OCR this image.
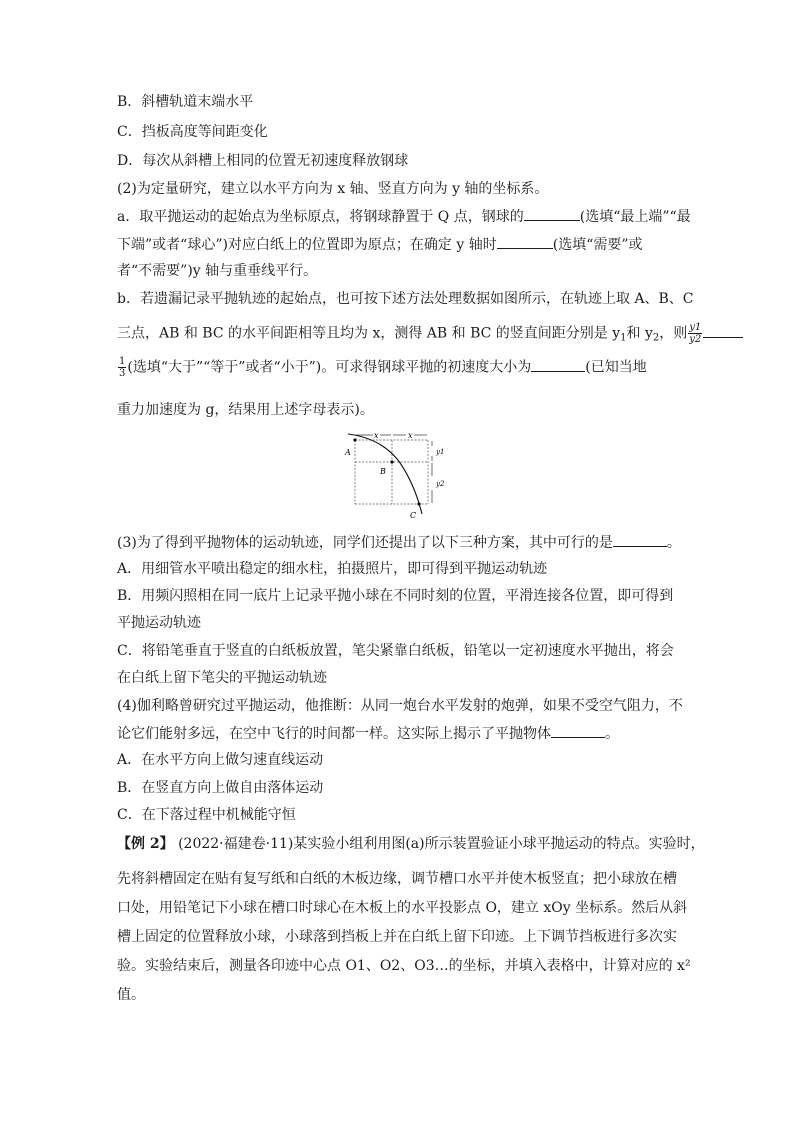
B．斜槽轨道末端水平
C．挡板高度等间距变化
D．每次从斜槽上相同的位置无初速度释放钢球
(2)为定量研究，建立以水平方向为 x 轴、竖直方向为 y 轴的坐标系。
a．取平抛运动的起始点为坐标原点，将钢球静置于 Q 点，钢球的	(选填“最上端”“最
下端”或者“球心”)对应白纸上的位置即为原点；在确定 y 轴时	(选填“需要”或
者“不需要”)y 轴与重垂线平行。
b．若遗漏记录平抛轨迹的起始点，也可按下述方法处理数据如图所示，在轨迹上取 A、B、C
三点，AB 和 BC 的水平间距相等且均为 x，测得 AB 和 BC 的竖直间距分别是 $y_1$和 $y_2$，则 $\frac{y1}{y2}$
$\frac{1}{3}$ (选填“大于”“等于”或者“小于”)。可求得钢球平抛的初速度大小为	(已知当地
重力加速度为 g，结果用上述字母表示)。
x	x
y1
y2
A
B
C
(3)为了得到平抛物体的运动轨迹，同学们还提出了以下三种方案，其中可行的是	。
A．用细管水平喷出稳定的细水柱，拍摄照片，即可得到平抛运动轨迹
B．用频闪照相在同一底片上记录平抛小球在不同时刻的位置，平滑连接各位置，即可得到
平抛运动轨迹
C．将铅笔垂直于竖直的白纸板放置，笔尖紧靠白纸板，铅笔以一定初速度水平抛出，将会
在白纸上留下笔尖的平抛运动轨迹
(4)伽利略曾研究过平抛运动，他推断：从同一炮台水平发射的炮弹，如果不受空气阻力，不
论它们能射多远，在空中飞行的时间都一样。这实际上揭示了平抛物体	。
A．在水平方向上做匀速直线运动
B．在竖直方向上做自由落体运动
C．在下落过程中机械能守恒
【例 2】 (2022·福建卷·11)某实验小组利用图(a)所示装置验证小球平抛运动的特点。实验时，
先将斜槽固定在贴有复写纸和白纸的木板边缘，调节槽口水平并使木板竖直；把小球放在槽
口处，用铅笔记下小球在槽口时球心在木板上的水平投影点 O，建立 xOy 坐标系。然后从斜
槽上固定的位置释放小球，小球落到挡板上并在白纸上留下印迹。上下调节挡板进行多次实
验。实验结束后，测量各印迹中心点 O1、O2、O3…的坐标，并填入表格中，计算对应的 x²
值。
